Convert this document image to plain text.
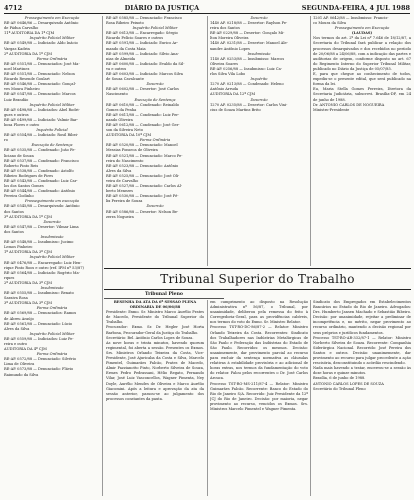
4712	DIÁRIO DA JUSTIÇA	SEGUNDA-FEIRA, 4 JUL 1988
Prosseguimento em Execução
RE-AP. 0646/86 — Desarquivado Antônio
de Pádua Carvalho
11ª AUDITORIA DA 1ª CJM
Inquérito Policial Militar
RE-AP. 0549/88 — Indiciado: Aldo Inácio
Vargas Kadrin
2ª AUDITORIA DA 1ª CJM
Forma Ordinária
RE-AP. 0551/88 — Denunciados: José Ma-
noel Martinez
RE-AP. 0551/88 — Denunciado: Nelson
Ricardo Resende Goulart
RE-AP. 0546/88 — Denunciado: Gonçal-
ves Moura Pinheiro
RE-AP. 0547/88 — Denunciado: Marcos
Luiz Brandão
Inquérito Policial Militar
RE-AP. 0498/88 — Indiciados: Abel Rodri-
gues e outros
RE-AP. 0499/88 — Indiciado: Valmir Bar-
bosa Flores e outro
Inquérito Policial
RE-AP. 0554/88 — Indiciado: Rosil Ribei-
ro
Execução de Sentença
RE-AP. 0535/88 — Condenado: João Fe-
liciano de Souza
RE-AP. 0537/88 — Condenado: Francisco
Roberto Pinto Reis
RE-AP. 0538/88 — Condenado: Astolfo
Ribeiro Rodrigues de Pires
RE-AP. 0543/88 — Condenado: Luiz Car-
los dos Santos Gomes
RE-AP. 0544/88 — Condenado: Antônio
Pereira Godinho
Prosseguimento em execução
RE-AP. 0545/88 — Desarquivado: Antônio
dos Santos
3ª AUDITORIA DA 1ª CJM
Desercão
RE-AP. 0547/88 — Desertor: Vilmar Lima
dos Santos
Insubmissão
RE-AP. 0548/88 — Insubmisso: Jucimo
Lemos Pinheiro
1ª AUDITORIA DA 3ª CJM
Inquérito Policial Militar
RE-AP. 0476/88 — Encarregado: Luiz Hen-
rique Pinto Roos e outro (ref. IPM nº 53/87)
RE-AP. 0564/88 — Indiciado: Rogério Ma-
rques
2ª AUDITORIA DA 3ª CJM
Insubmissão
RE-AP. 0555/88 — Insubmisso: Renato
Saraiva Rosa
3ª AUDITORIA DA 3ª CJM
Forma Ordinária
RE-AP. 0569/88 — Denunciados: Ramos
de Abreu Araújo
RE-AP. 0561/88 — Denunciado: Lúcio
Alves da Silva
Inquérito Policial Militar
RE-AP. 0559/88 — Indiciados: Luiz Pe-
reira e outro
AUDITORIA DA 4ª CJM
Forma Ordinária
RE-AP. 0572/88 — Denunciado: Silvério
Lima de Oliveira
RE-AP. 0573/88 — Denunciado: Flávio
Raimundo da Silva
RE-AP. 0585/88 — Denunciado: Francisco
Rosa Ribeiro Peixoto
Inquérito Policial Militar
RE-AP. 0613/88 — Encarregado: Sérgio
Ricardo Felício Soares e outros
RE-AP. 0591/88 — Indiciado: Eurico Ar-
mando da Costa Maia
RE-AP. 0599/88 — Indiciado: Sílvio Ana-
nias de Almeida
RE-AP. 0600/88 — Indiciado: Evaldo da Sil-
va e outros
RE-AP. 0603/88 — Indiciado: Marcos Silva
de Souza Cavalcante
Desercão
RE-AP. 0602/88 — Desertor: José Carlos
Nascimento
Execução de Sentença
RE-AP. 0610/88 — Condenado: Reinaldo
Gomes da Penha
RE-AP. 0611/88 — Condenado: Luiz Fer-
nando Oliveira
RE-AP. 0612/88 — Condenado: José Ger-
son da Silveira Neto
AUDITORIA DA 10ª CJM
Forma Ordinária
RE-AP. 0520/88 — Denunciado: Manoel
Messias Fonseca de Oliveira
RE-AP. 0521/88 — Denunciado: Marco Pe-
reira do Nascimento
RE-AP. 0523/88 — Denunciado: Antônio
Alves da Silva
RE-AP. 0525/88 — Denunciado: José Oli-
veira de Carvalho
RE-AP. 0527/88 — Denunciado: Carlos Al-
berto Menezes
RE-AP. 0530/88 — Denunciado: José Fé-
lix Pereira de Souza
Desercão
RE-AP. 0586/88 — Desertor: Nelson Be-
zerra Nogueira
Desercão
1440 AP. 0218/88 — Desertor: Raylson Pe-
reira dos Santos
RE-AP. 0229/88 — Desertor: Gonçalo Mi-
lton Moreira Oliveira
1440 AP. 0231/88 — Desertor: Manoel Ale-
xandre Antônio Lopes
Insubmissão
1140 AP. 0253/88 — Insubmisso: Marcos
Oliveira Soares
RE-AP. 0256/88 — Insubmisso: Luiz Ca-
rlos Silva Vila Lobo
Inquérito
1270 AP. 0213/88 — Condenado: Heleno
Antônio Arruda
AUDITORIA DA 12ª CJM
Desercão
1270 AP. 0235/88 — Desertor: Carlos Vini-
cius de Souza Martins Brito
1201 AP. 0642/88 — Insubmisso: Francis-
co Moura da Silva
Prosseguimento em Execução
(LAUDAS)
Nos termos do art. 2º da Lei nº 7.646 de 18/12/87, a Secretaria do Tribunal fará publicar a relação dos processos desarquivados e dos recebidos no período de 20/06/88 a 24/06/88, com a indicação das partes e auditorias de origem, conforme disposto no art. 67 do Regimento Interno do Superior Tribunal Militar, publicado no Diário da Justiça de 05/07/85.
E, para que chegue ao conhecimento de todos, expediu-se o presente edital, que será publicado na forma da lei.
Eu, Maria Stella Gomes Ferreira, Diretora da Secretaria Judiciária, subscrevi. Brasília-DF, em 24 de junho de 1988.
Dr. ANTÔNIO CARLOS DE NOGUEIRA
Ministro-Presidente
Tribunal Superior do Trabalho
Tribunal Pleno
RESENHA DA ATA DA 6ª SESSÃO PLENA
ORDINÁRIA DE 06/06/88
Presidente: Exmo. Sr. Ministro Marco Aurélio Prates de Macedo, Presidente do Tribunal Superior do Trabalho.
Procurador: Exmo. Sr. Dr. Hegler José Horta Barbosa, Procurador-Geral da Justiça do Trabalho.
Secretário: Bel. Antônio Carlos Lopes de Souza.
Às nove horas e trinta minutos, havendo quorum regimental, foi aberta a sessão. Presentes os Exmos. Srs. Ministros Orlando Teixeira da Costa, Vice-Presidente, José Ajuricaba da Costa e Silva, Marcelo Pimentel, Guimarães Falcão, Prates de Macedo, Almir Pazzianotto Pinto, Norberto Silveira de Souza, Ermes Pedro Pedrassani, Hélio Regato, Fernando Vilar, José Luiz Vasconcellos, Wagner Pimenta, Ney Doyle, Aurélio Mendes de Oliveira e Marco Aurélio Giacomini. Após a leitura e aprovação da ata da sessão anterior, passou-se ao julgamento dos processos constantes da pauta.
em cumprimento ao disposto na Resolução Administrativa nº 56/87, o Tribunal, por unanimidade, deliberou pela remessa do feito à Corregedoria-Geral, para as providências cabíveis, nos termos do voto do Exmo. Sr. Ministro Relator.
Processo TST-RO-DC-86/87-2 — Relator: Ministro Orlando Teixeira da Costa. Recorrentes: Sindicato dos Trabalhadores nas Indústrias Metalúrgicas de São Paulo e Federação das Indústrias do Estado de São Paulo. Recorridos: os mesmos. Decisão: unanimemente, dar provimento parcial ao recurso para excluir da sentença normativa as cláusulas relativas à estabilidade provisória e ao adicional de horas extras, nos termos da fundamentação do voto do relator. Falou pelos recorrentes o Dr. José Carlos Arouca.
Processo TST-RO-MS-211/87-4 — Relator: Ministro Guimarães Falcão. Recorrente: Banco do Estado do Rio de Janeiro S/A. Recorrido: Juiz Presidente da 12ª JCJ do Rio de Janeiro. Decisão: por maioria, negar provimento ao recurso, vencidos os Exmos. Srs. Ministros Marcelo Pimentel e Wagner Pimenta.
Sindicato dos Empregados em Estabelecimentos Bancários no Estado do Rio de Janeiro. Advogados: Drs. Humberto Jansen Machado e Sebastião Ribeiro. Decisão: por unanimidade, rejeitar a preliminar de incompetência e, no mérito, negar provimento ao recurso ordinário, mantendo a decisão regional por seus próprios e jurídicos fundamentos.
Processo TST-RO-AR-332/87-1 — Relator: Ministro Norberto Silveira de Souza. Recorrente: Companhia Siderúrgica Nacional. Recorrido: José Pereira dos Santos e outros. Decisão: unanimemente, dar provimento ao recurso para julgar procedente a ação rescisória, desconstituindo o acórdão rescindendo.
Nada mais havendo a tratar, encerrou-se a sessão às doze horas e quinze minutos.
Brasília, 6 de junho de 1988.
ANTÔNIO CARLOS LOPES DE SOUZA
Secretário do Tribunal Pleno
